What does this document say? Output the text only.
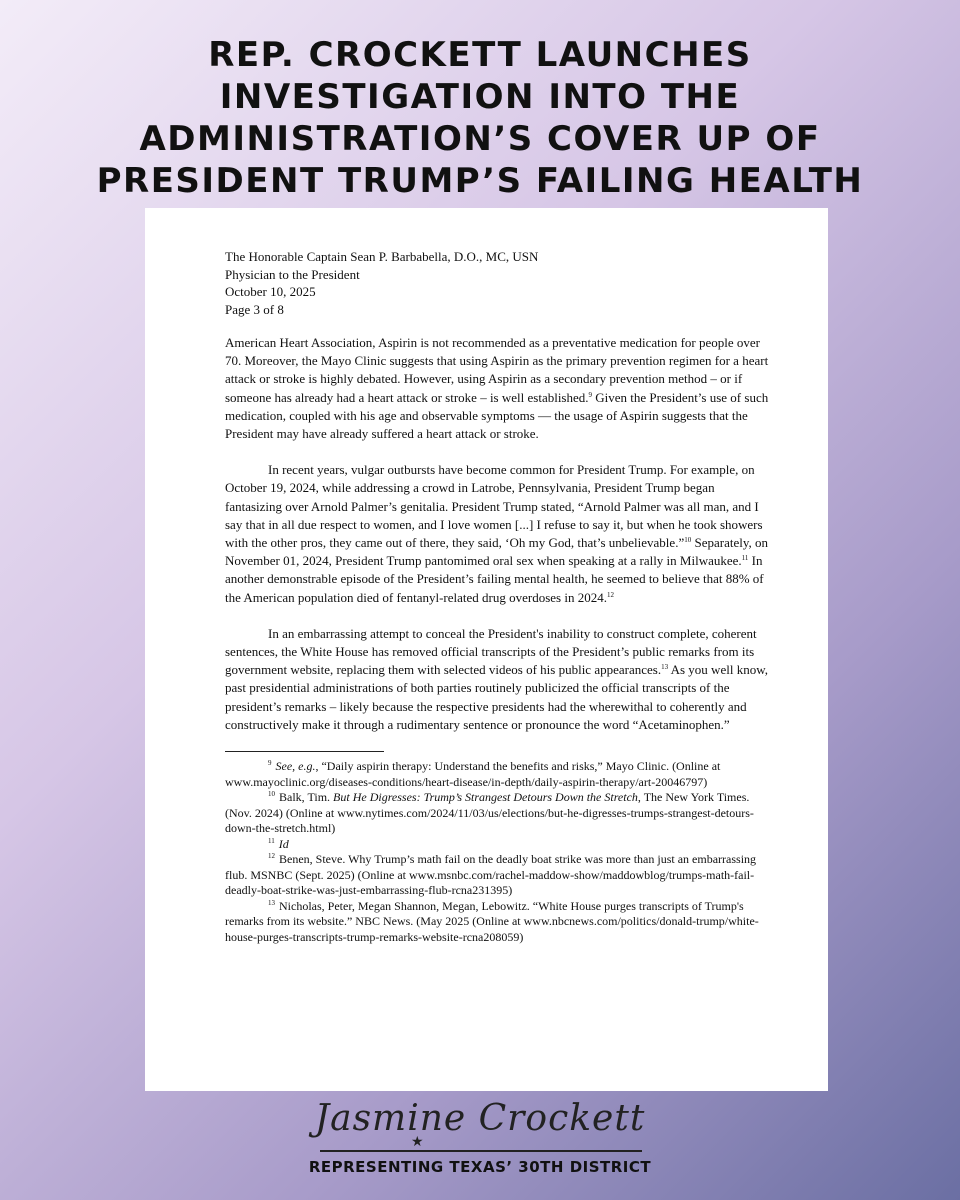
REP. CROCKETT LAUNCHES
INVESTIGATION INTO THE
ADMINISTRATION’S COVER UP OF
PRESIDENT TRUMP’S FAILING HEALTH
The Honorable Captain Sean P. Barbabella, D.O., MC, USN
Physician to the President
October 10, 2025
Page 3 of 8

American Heart Association, Aspirin is not recommended as a preventative medication for people over 70. Moreover, the Mayo Clinic suggests that using Aspirin as the primary prevention regimen for a heart attack or stroke is highly debated. However, using Aspirin as a secondary prevention method – or if someone has already had a heart attack or stroke – is well established.$^9$ Given the President’s use of such medication, coupled with his age and observable symptoms — the usage of Aspirin suggests that the President may have already suffered a heart attack or stroke.

In recent years, vulgar outbursts have become common for President Trump. For example, on October 19, 2024, while addressing a crowd in Latrobe, Pennsylvania, President Trump began fantasizing over Arnold Palmer’s genitalia. President Trump stated, “Arnold Palmer was all man, and I say that in all due respect to women, and I love women [...] I refuse to say it, but when he took showers with the other pros, they came out of there, they said, ‘Oh my God, that’s unbelievable.”$^{10}$ Separately, on November 01, 2024, President Trump pantomimed oral sex when speaking at a rally in Milwaukee.$^{11}$ In another demonstrable episode of the President’s failing mental health, he seemed to believe that 88% of the American population died of fentanyl-related drug overdoses in 2024.12

In an embarrassing attempt to conceal the President's inability to construct complete, coherent sentences, the White House has removed official transcripts of the President’s public remarks from its government website, replacing them with selected videos of his public appearances.$^{13}$ As you well know, past presidential administrations of both parties routinely publicized the official transcripts of the president’s remarks – likely because the respective presidents had the wherewithal to coherently and constructively make it through a rudimentary sentence or pronounce the word “Acetaminophen.”

$^9$ See, e.g., “Daily aspirin therapy: Understand the benefits and risks,” Mayo Clinic. (Online at www.mayoclinic.org/diseases-conditions/heart-disease/in-depth/daily-aspirin-therapy/art-20046797)

$^{10}$ Balk, Tim. But He Digresses: Trump’s Strangest Detours Down the Stretch, The New York Times. (Nov. 2024) (Online at www.nytimes.com/2024/11/03/us/elections/but-he-digresses-trumps-strangest-detours-down-the-stretch.html)

$^{11}$ Id

$^{12}$ Benen, Steve. Why Trump’s math fail on the deadly boat strike was more than just an embarrassing flub. MSNBC (Sept. 2025) (Online at www.msnbc.com/rachel-maddow-show/maddowblog/trumps-math-fail-deadly-boat-strike-was-just-embarrassing-flub-rcna231395)

$^{13}$ Nicholas, Peter, Megan Shannon, Megan, Lebowitz. “White House purges transcripts of Trump's remarks from its website.” NBC News. (May 2025 (Online at www.nbcnews.com/politics/donald-trump/white-house-purges-transcripts-trump-remarks-website-rcna208059)

Jasmine Crockett
★
REPRESENTING TEXAS’ 30TH DISTRICT
